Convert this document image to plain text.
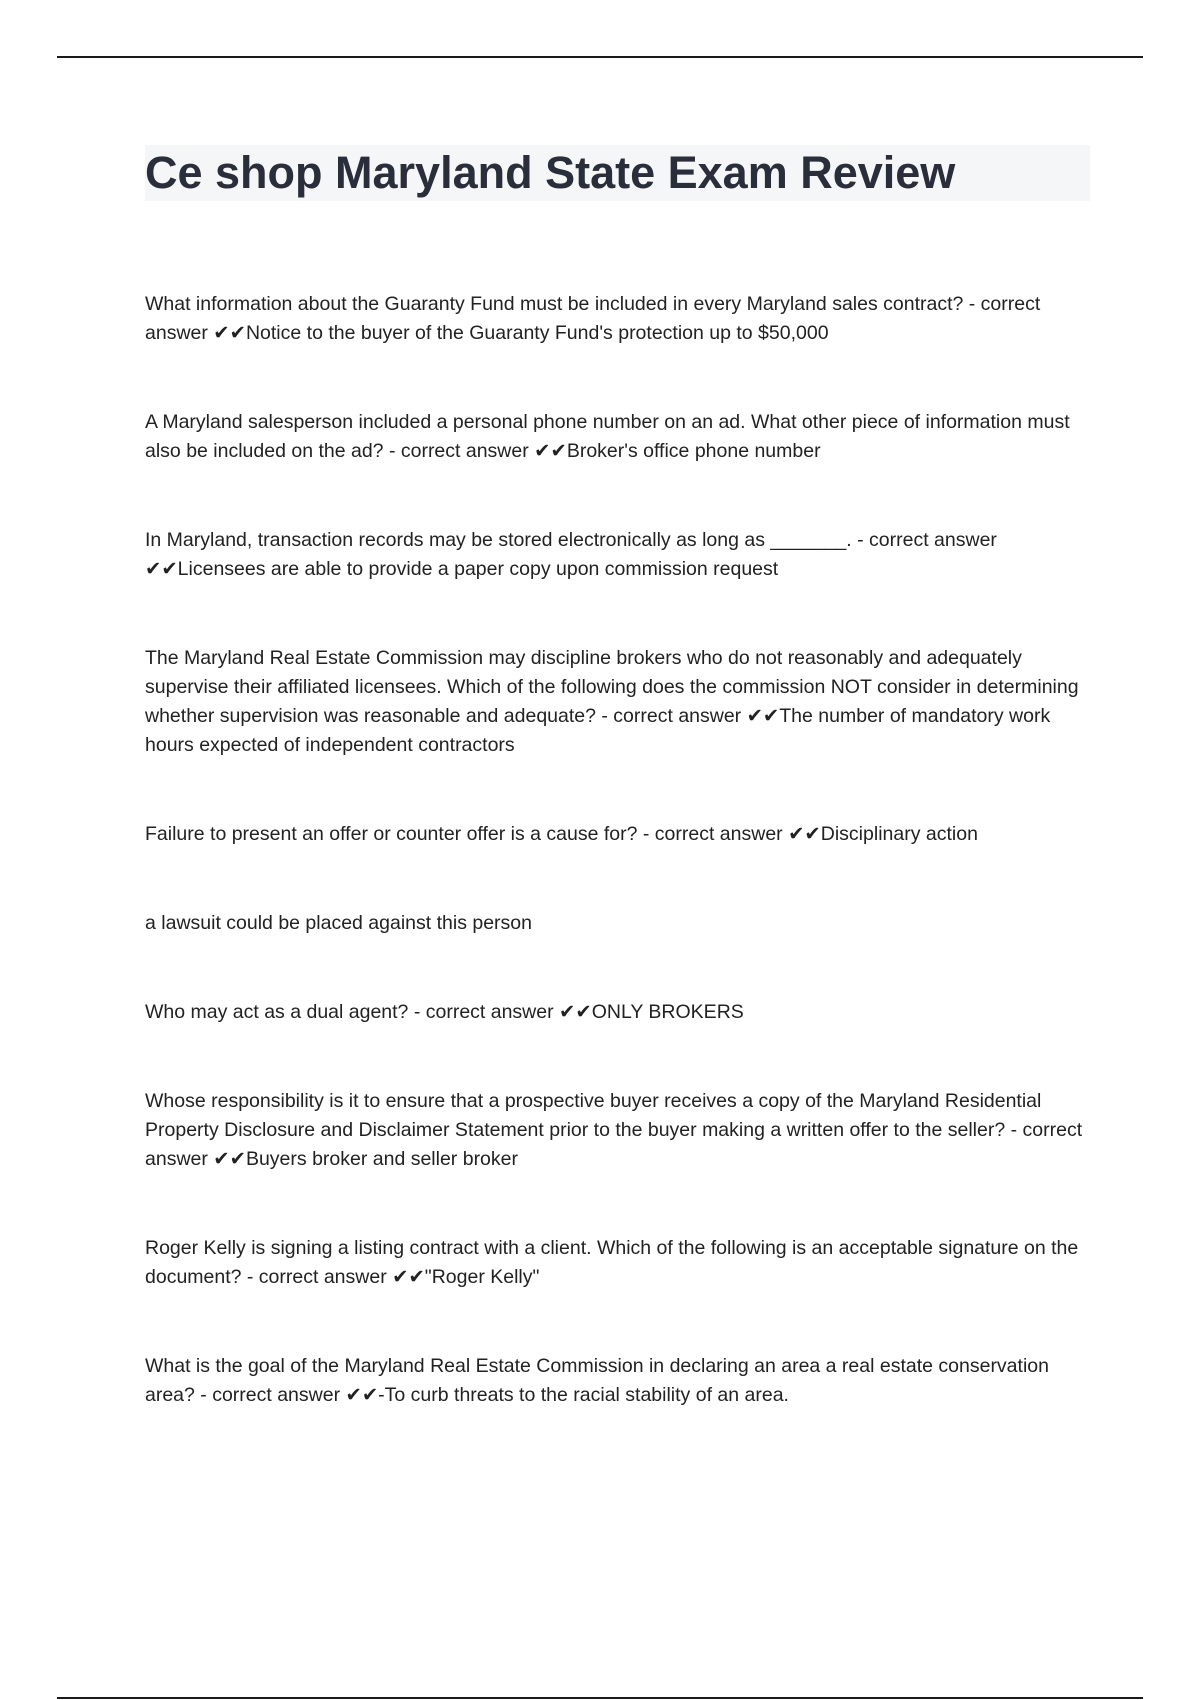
Ce shop Maryland State Exam Review

What information about the Guaranty Fund must be included in every Maryland sales contract? - correct answer ✔✔Notice to the buyer of the Guaranty Fund's protection up to $50,000

A Maryland salesperson included a personal phone number on an ad. What other piece of information must also be included on the ad? - correct answer ✔✔Broker's office phone number

In Maryland, transaction records may be stored electronically as long as _______. - correct answer ✔✔Licensees are able to provide a paper copy upon commission request

The Maryland Real Estate Commission may discipline brokers who do not reasonably and adequately supervise their affiliated licensees. Which of the following does the commission NOT consider in determining whether supervision was reasonable and adequate? - correct answer ✔✔The number of mandatory work hours expected of independent contractors

Failure to present an offer or counter offer is a cause for? - correct answer ✔✔Disciplinary action

a lawsuit could be placed against this person

Who may act as a dual agent? - correct answer ✔✔ONLY BROKERS

Whose responsibility is it to ensure that a prospective buyer receives a copy of the Maryland Residential Property Disclosure and Disclaimer Statement prior to the buyer making a written offer to the seller? - correct answer ✔✔Buyers broker and seller broker

Roger Kelly is signing a listing contract with a client. Which of the following is an acceptable signature on the document? - correct answer ✔✔"Roger Kelly"

What is the goal of the Maryland Real Estate Commission in declaring an area a real estate conservation area? - correct answer ✔✔-To curb threats to the racial stability of an area.
